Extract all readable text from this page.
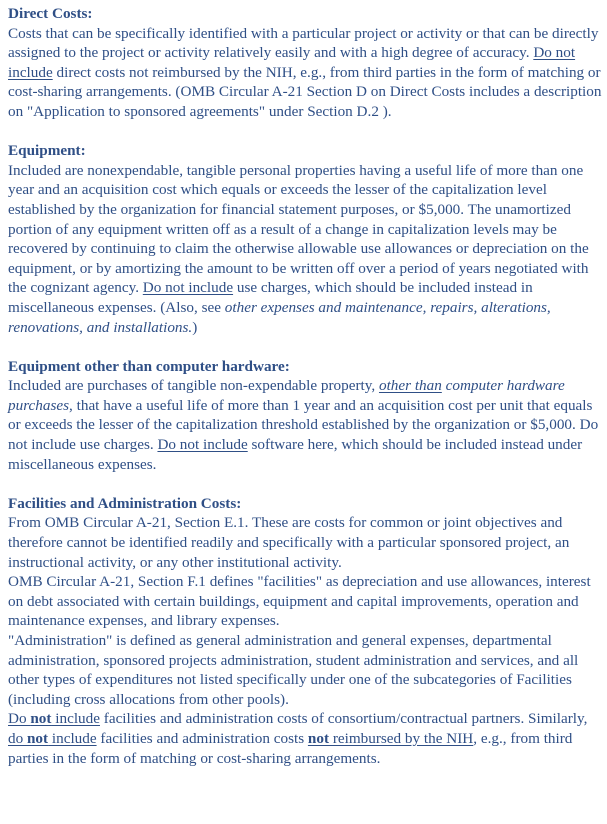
Direct Costs:

Costs that can be specifically identified with a particular project or activity or that can be directly assigned to the project or activity relatively easily and with a high degree of accuracy. Do not include direct costs not reimbursed by the NIH, e.g., from third parties in the form of matching or cost-sharing arrangements. (OMB Circular A-21 Section D on Direct Costs includes a description on "Application to sponsored agreements" under Section D.2 ).

Equipment:

Included are nonexpendable, tangible personal properties having a useful life of more than one year and an acquisition cost which equals or exceeds the lesser of the capitalization level established by the organization for financial statement purposes, or $5,000. The unamortized portion of any equipment written off as a result of a change in capitalization levels may be recovered by continuing to claim the otherwise allowable use allowances or depreciation on the equipment, or by amortizing the amount to be written off over a period of years negotiated with the cognizant agency. Do not include use charges, which should be included instead in miscellaneous expenses. (Also, see other expenses and maintenance, repairs, alterations, renovations, and installations.)

Equipment other than computer hardware:

Included are purchases of tangible non-expendable property, other than computer hardware purchases, that have a useful life of more than 1 year and an acquisition cost per unit that equals or exceeds the lesser of the capitalization threshold established by the organization or $5,000. Do not include use charges. Do not include software here, which should be included instead under miscellaneous expenses.

Facilities and Administration Costs:

From OMB Circular A-21, Section E.1. These are costs for common or joint objectives and therefore cannot be identified readily and specifically with a particular sponsored project, an instructional activity, or any other institutional activity.

OMB Circular A-21, Section F.1 defines "facilities" as depreciation and use allowances, interest on debt associated with certain buildings, equipment and capital improvements, operation and maintenance expenses, and library expenses.

"Administration" is defined as general administration and general expenses, departmental administration, sponsored projects administration, student administration and services, and all other types of expenditures not listed specifically under one of the subcategories of Facilities (including cross allocations from other pools).

Do not include facilities and administration costs of consortium/contractual partners. Similarly, do not include facilities and administration costs not reimbursed by the NIH, e.g., from third parties in the form of matching or cost-sharing arrangements.
